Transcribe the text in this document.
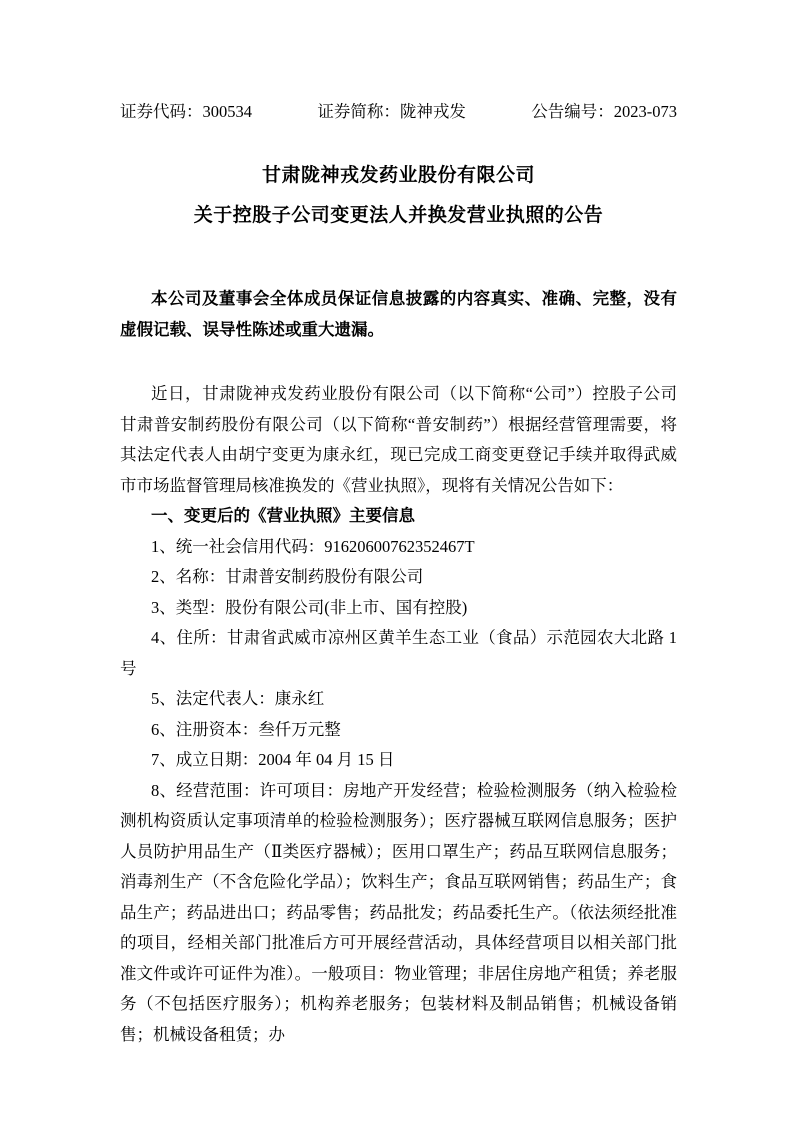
证券代码：300534	证券简称：陇神戎发	公告编号：2023-073
甘肃陇神戎发药业股份有限公司
关于控股子公司变更法人并换发营业执照的公告

本公司及董事会全体成员保证信息披露的内容真实、准确、完整，没有虚假记载、误导性陈述或重大遗漏。

近日，甘肃陇神戎发药业股份有限公司（以下简称“公司”）控股子公司甘肃普安制药股份有限公司（以下简称“普安制药”）根据经营管理需要，将其法定代表人由胡宁变更为康永红，现已完成工商变更登记手续并取得武威市市场监督管理局核准换发的《营业执照》，现将有关情况公告如下：

一、变更后的《营业执照》主要信息

1、统一社会信用代码：91620600762352467T

2、名称：甘肃普安制药股份有限公司

3、类型：股份有限公司(非上市、国有控股)

4、住所：甘肃省武威市凉州区黄羊生态工业（食品）示范园农大北路 1 号

5、法定代表人：康永红

6、注册资本：叁仟万元整

7、成立日期：2004 年 04 月 15 日

8、经营范围：许可项目：房地产开发经营；检验检测服务（纳入检验检测机构资质认定事项清单的检验检测服务）；医疗器械互联网信息服务；医护人员防护用品生产（Ⅱ类医疗器械）；医用口罩生产；药品互联网信息服务；消毒剂生产（不含危险化学品）；饮料生产；食品互联网销售；药品生产；食品生产；药品进出口；药品零售；药品批发；药品委托生产。（依法须经批准的项目，经相关部门批准后方可开展经营活动，具体经营项目以相关部门批准文件或许可证件为准）。一般项目：物业管理；非居住房地产租赁；养老服务（不包括医疗服务）；机构养老服务；包装材料及制品销售；机械设备销售；机械设备租赁；办
